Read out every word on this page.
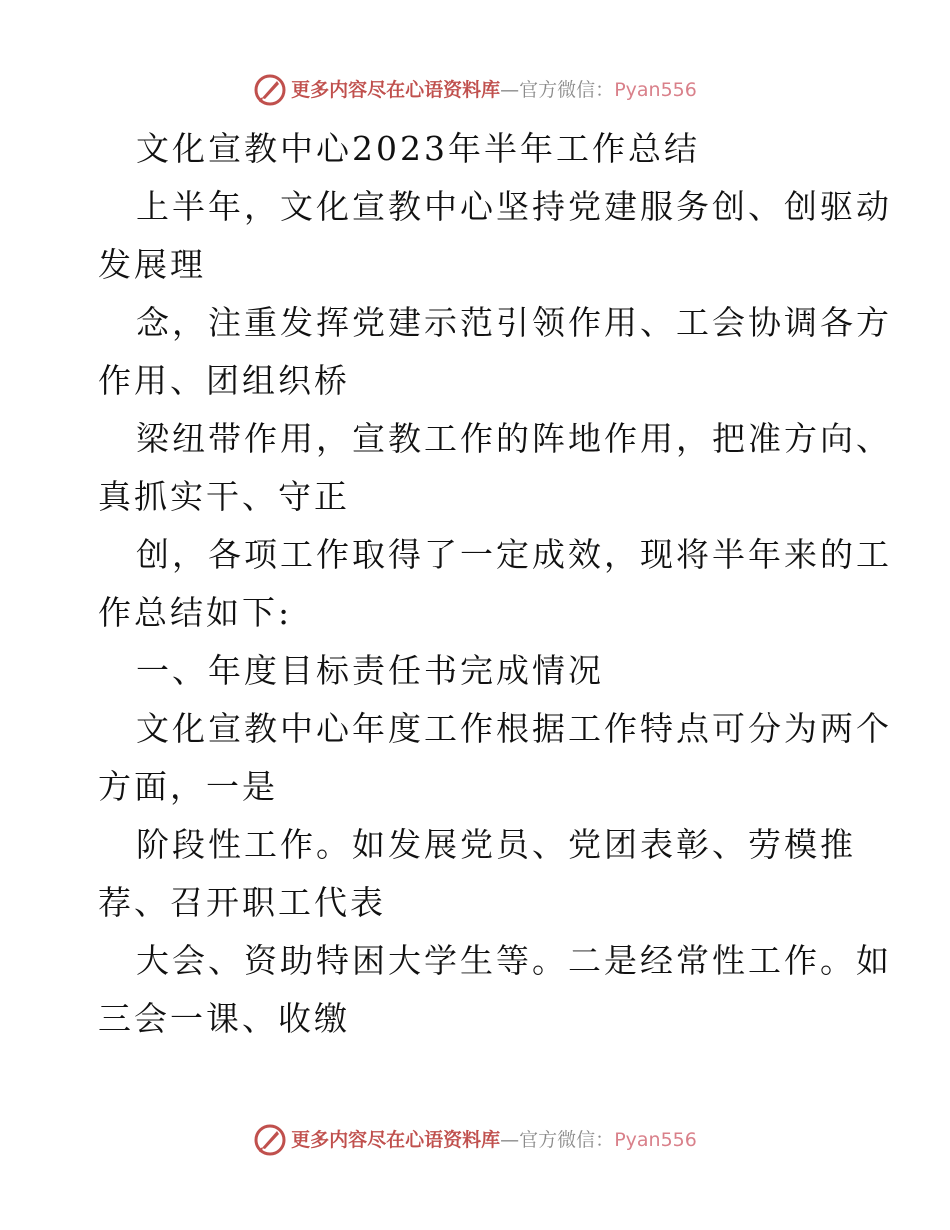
更多内容尽在心语资料库 — 官方微信： Pyan556
文化宣教中心2023年半年工作总结
上半年，文化宣教中心坚持党建服务创、创驱动
发展理
念，注重发挥党建示范引领作用、工会协调各方
作用、团组织桥
梁纽带作用，宣教工作的阵地作用，把准方向、
真抓实干、守正
创，各项工作取得了一定成效，现将半年来的工
作总结如下:
一、年度目标责任书完成情况
文化宣教中心年度工作根据工作特点可分为两个
方面，一是
阶段性工作。如发展党员、党团表彰、劳模推
荐、召开职工代表
大会、资助特困大学生等。二是经常性工作。如
三会一课、收缴
更多内容尽在心语资料库 — 官方微信： Pyan556
